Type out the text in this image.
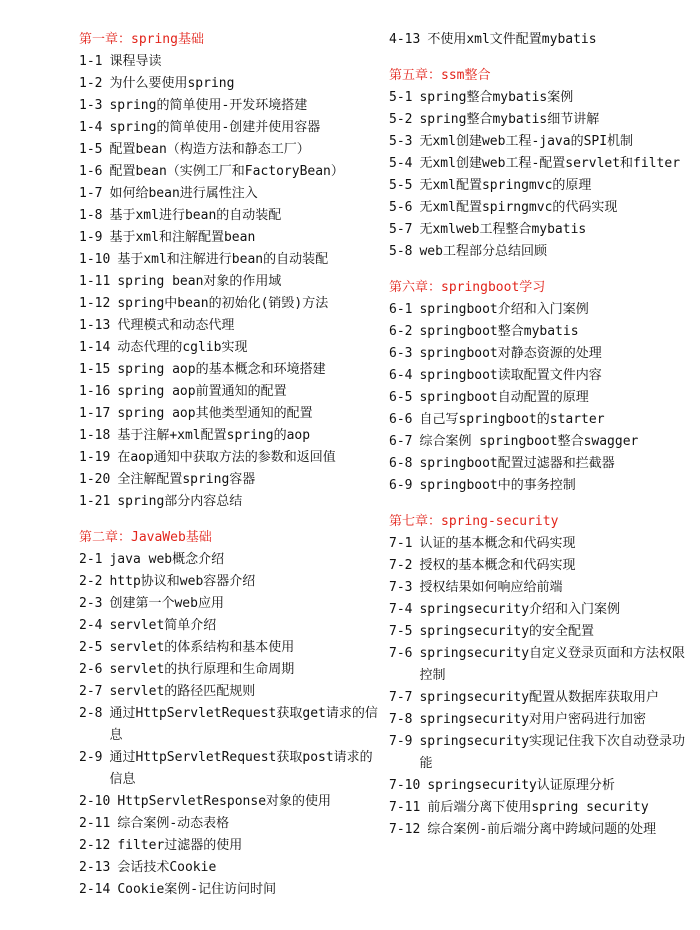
第一章：spring基础
1-1 课程导读
1-2 为什么要使用spring
1-3 spring的简单使用-开发环境搭建
1-4 spring的简单使用-创建并使用容器
1-5 配置bean（构造方法和静态工厂）
1-6 配置bean（实例工厂和FactoryBean）
1-7 如何给bean进行属性注入
1-8 基于xml进行bean的自动装配
1-9 基于xml和注解配置bean
1-10 基于xml和注解进行bean的自动装配
1-11 spring bean对象的作用域
1-12 spring中bean的初始化(销毁)方法
1-13 代理模式和动态代理
1-14 动态代理的cglib实现
1-15 spring aop的基本概念和环境搭建
1-16 spring aop前置通知的配置
1-17 spring aop其他类型通知的配置
1-18 基于注解+xml配置spring的aop
1-19 在aop通知中获取方法的参数和返回值
1-20 全注解配置spring容器
1-21 spring部分内容总结
第二章：JavaWeb基础
2-1 java web概念介绍
2-2 http协议和web容器介绍
2-3 创建第一个web应用
2-4 servlet简单介绍
2-5 servlet的体系结构和基本使用
2-6 servlet的执行原理和生命周期
2-7 servlet的路径匹配规则
2-8 通过HttpServletRequest获取get请求的信息
2-9 通过HttpServletRequest获取post请求的信息
2-10 HttpServletResponse对象的使用
2-11 综合案例-动态表格
2-12 filter过滤器的使用
2-13 会话技术Cookie
2-14 Cookie案例-记住访问时间
4-13 不使用xml文件配置mybatis
第五章：ssm整合
5-1 spring整合mybatis案例
5-2 spring整合mybatis细节讲解
5-3 无xml创建web工程-java的SPI机制
5-4 无xml创建web工程-配置servlet和filter
5-5 无xml配置springmvc的原理
5-6 无xml配置spirngmvc的代码实现
5-7 无xmlweb工程整合mybatis
5-8 web工程部分总结回顾
第六章：springboot学习
6-1 springboot介绍和入门案例
6-2 springboot整合mybatis
6-3 springboot对静态资源的处理
6-4 springboot读取配置文件内容
6-5 springboot自动配置的原理
6-6 自己写springboot的starter
6-7 综合案例 springboot整合swagger
6-8 springboot配置过滤器和拦截器
6-9 springboot中的事务控制
第七章：spring-security
7-1 认证的基本概念和代码实现
7-2 授权的基本概念和代码实现
7-3 授权结果如何响应给前端
7-4 springsecurity介绍和入门案例
7-5 springsecurity的安全配置
7-6 springsecurity自定义登录页面和方法权限控制
7-7 springsecurity配置从数据库获取用户
7-8 springsecurity对用户密码进行加密
7-9 springsecurity实现记住我下次自动登录功能
7-10 springsecurity认证原理分析
7-11 前后端分离下使用spring security
7-12 综合案例-前后端分离中跨域问题的处理
